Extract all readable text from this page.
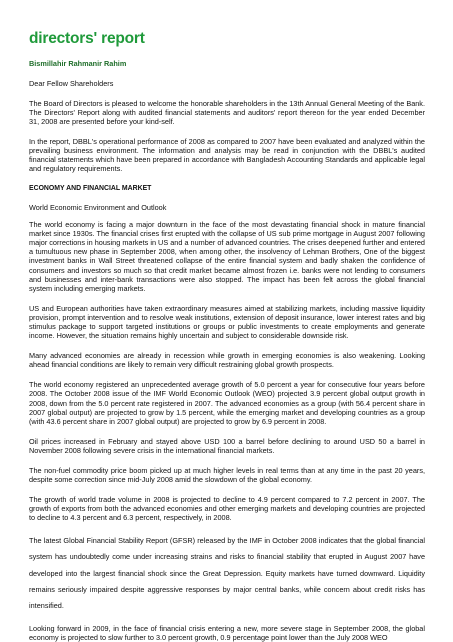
directors' report

Bismillahir Rahmanir Rahim

Dear Fellow Shareholders

The Board of Directors is pleased to welcome the honorable shareholders in the 13th Annual General Meeting of the Bank. The Directors' Report along with audited financial statements and auditors' report thereon for the year ended December 31, 2008 are presented before your kind-self.

In the report, DBBL's operational performance of 2008 as compared to 2007 have been evaluated and analyzed within the prevailing business environment. The information and analysis may be read in conjunction with the DBBL's audited financial statements which have been prepared in accordance with Bangladesh Accounting Standards and applicable legal and regulatory requirements.

ECONOMY AND FINANCIAL MARKET

World Economic Environment and Outlook

The world economy is facing a major downturn in the face of the most devastating financial shock in mature financial market since 1930s. The financial crises first erupted with the collapse of US sub prime mortgage in August 2007 following major corrections in housing markets in US and a number of advanced countries. The crises deepened further and entered a tumultuous new phase in September 2008, when among other, the insolvency of Lehman Brothers, One of the biggest investment banks in Wall Street threatened collapse of the entire financial system and badly shaken the confidence of consumers and investors so much so that credit market became almost frozen i.e. banks were not lending to consumers and businesses and inter-bank transactions were also stopped. The impact has been felt across the global financial system including emerging markets.

US and European authorities have taken extraordinary measures aimed at stabilizing markets, including massive liquidity provision, prompt intervention and to resolve weak institutions, extension of deposit insurance, lower interest rates and big stimulus package to support targeted institutions or groups or public investments to create employments and generate income. However, the situation remains highly uncertain and subject to considerable downside risk.

Many advanced economies are already in recession while growth in emerging economies is also weakening. Looking ahead financial conditions are likely to remain very difficult restraining global growth prospects.

The world economy registered an unprecedented average growth of 5.0 percent a year for consecutive four years before 2008. The October 2008 issue of the IMF World Economic Outlook (WEO) projected 3.9 percent global output growth in 2008, down from the 5.0 percent rate registered in 2007. The advanced economies as a group (with 56.4 percent share in 2007 global output) are projected to grow by 1.5 percent, while the emerging market and developing countries as a group (with 43.6 percent share in 2007 global output) are projected to grow by 6.9 percent in 2008.

Oil prices increased in February and stayed above USD 100 a barrel before declining to around USD 50 a barrel in November 2008 following severe crisis in the international financial markets.

The non-fuel commodity price boom picked up at much higher levels in real terms than at any time in the past 20 years, despite some correction since mid-July 2008 amid the slowdown of the global economy.

The growth of world trade volume in 2008 is projected to decline to 4.9 percent compared to 7.2 percent in 2007. The growth of exports from both the advanced economies and other emerging markets and developing countries are projected to decline to 4.3 percent and 6.3 percent, respectively, in 2008.

The latest Global Financial Stability Report (GFSR) released by the IMF in October 2008 indicates that the global financial system has undoubtedly come under increasing strains and risks to financial stability that erupted in August 2007 have developed into the largest financial shock since the Great Depression. Equity markets have turned downward. Liquidity remains seriously impaired despite aggressive responses by major central banks, while concern about credit risks has intensified.

Looking forward in 2009, in the face of financial crisis entering a new, more severe stage in September 2008, the global economy is projected to slow further to 3.0 percent growth, 0.9 percentage point lower than the July 2008 WEO
